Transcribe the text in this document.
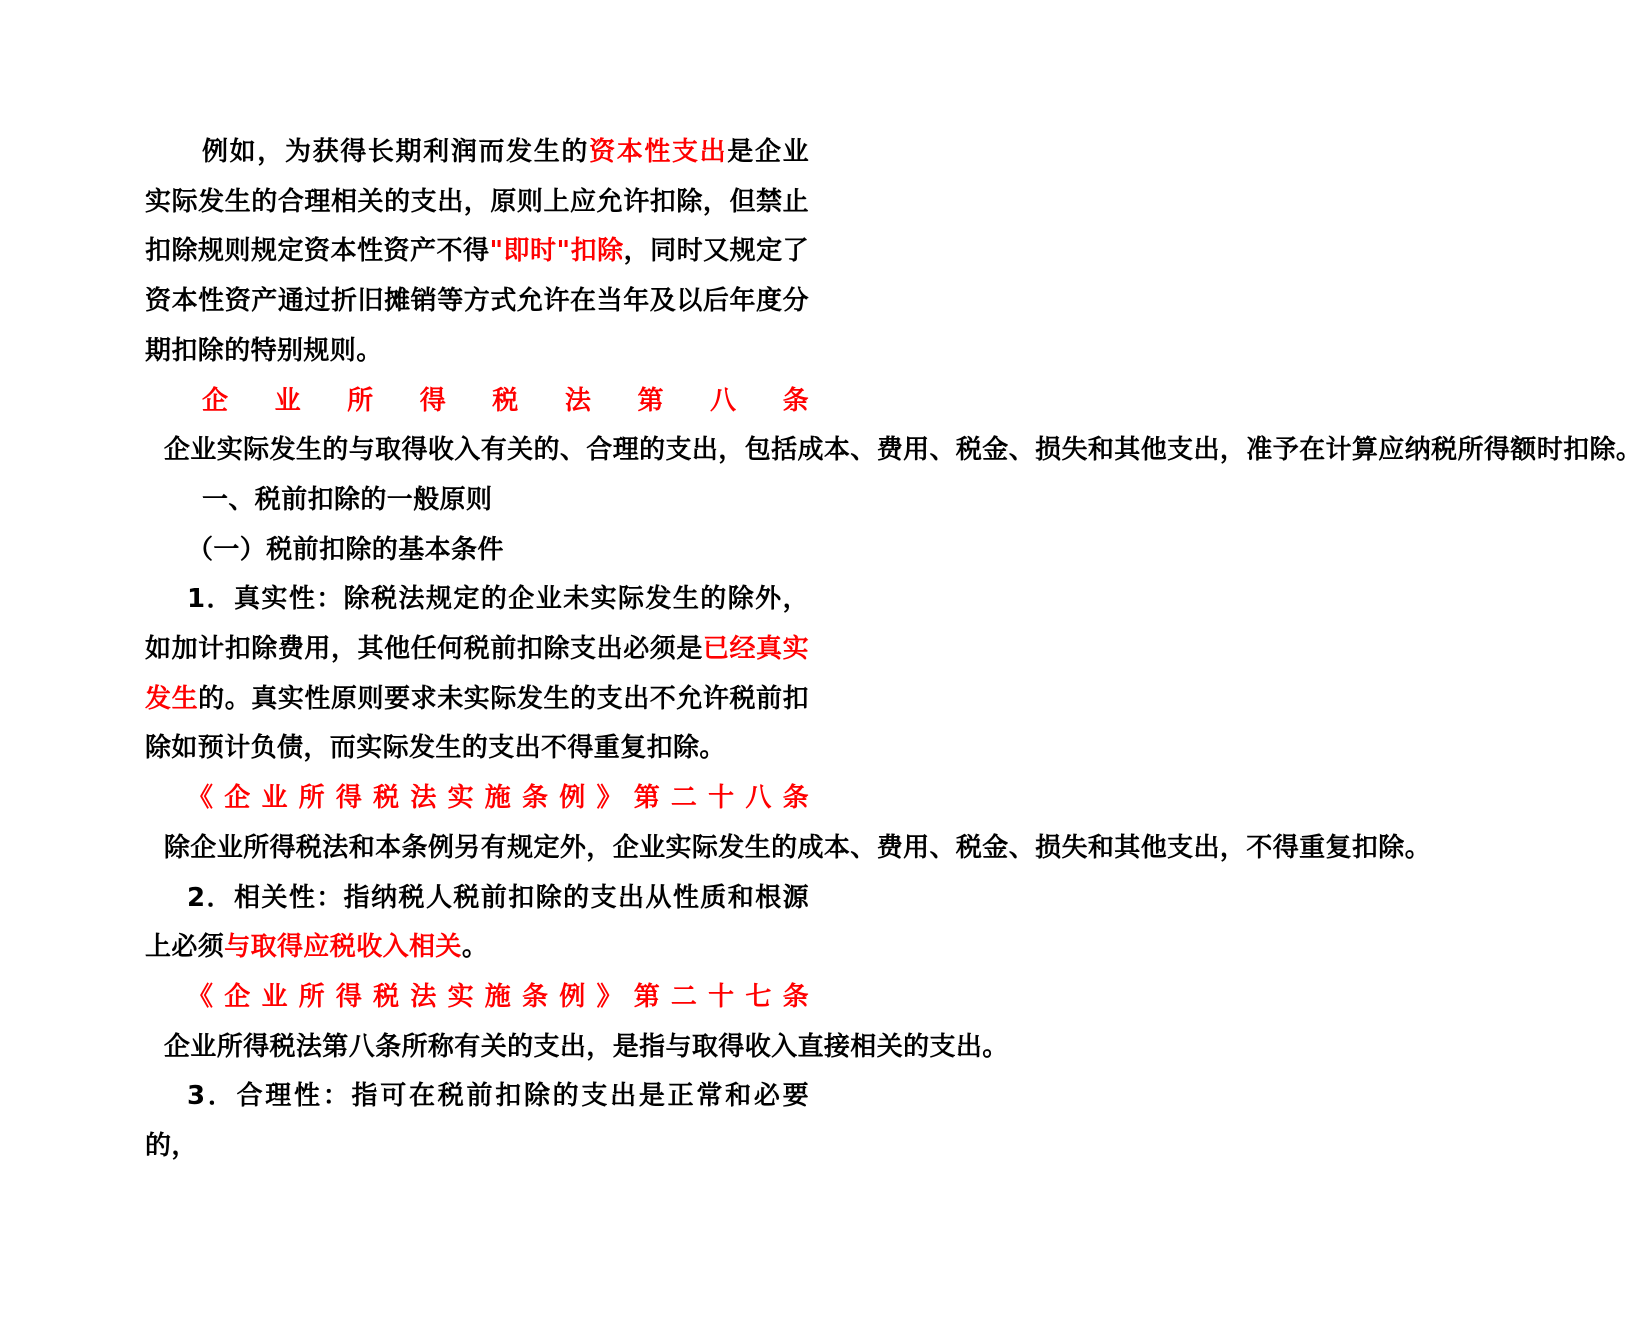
例如，为获得长期利润而发生的资本性支出是企业实际发生的合理相关的支出，原则上应允许扣除，但禁止扣除规则规定资本性资产不得"即时"扣除，同时又规定了资本性资产通过折旧摊销等方式允许在当年及以后年度分期扣除的特别规则。

企业所得税法第八条  企业实际发生的与取得收入有关的、合理的支出，包括成本、费用、税金、损失和其他支出，准予在计算应纳税所得额时扣除。

一、税前扣除的一般原则

（一）税前扣除的基本条件

1．真实性：除税法规定的企业未实际发生的除外，如加计扣除费用，其他任何税前扣除支出必须是已经真实发生的。真实性原则要求未实际发生的支出不允许税前扣除如预计负债，而实际发生的支出不得重复扣除。

《企业所得税法实施条例》第二十八条  除企业所得税法和本条例另有规定外，企业实际发生的成本、费用、税金、损失和其他支出，不得重复扣除。

2．相关性：指纳税人税前扣除的支出从性质和根源上必须与取得应税收入相关。

《企业所得税法实施条例》第二十七条  企业所得税法第八条所称有关的支出，是指与取得收入直接相关的支出。

3．合理性：指可在税前扣除的支出是正常和必要的，
